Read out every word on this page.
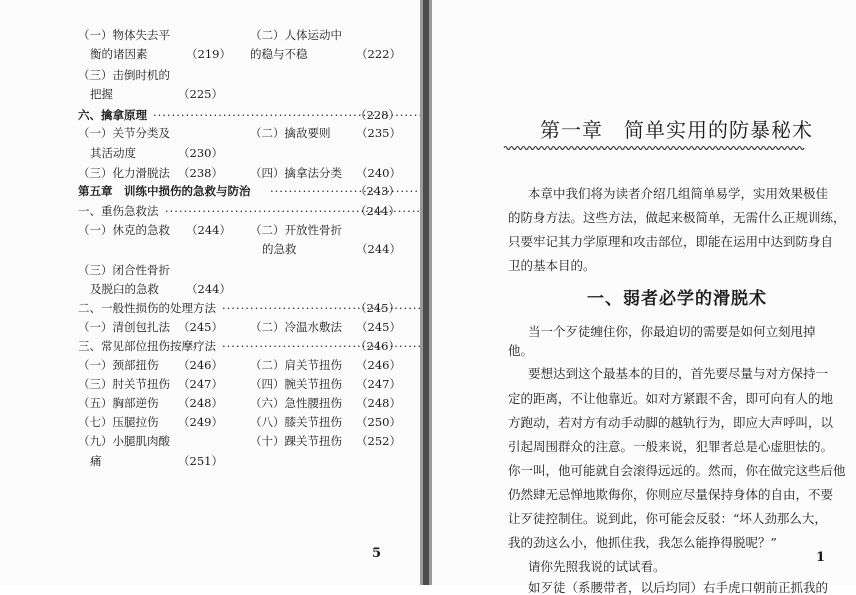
（一）物体失去平	（二）人体运动中
衡的诸因素	（219） 的稳与不稳	（222）
（三）击倒时机的
把握	（225）
六、擒拿原理 ·····	（228）
（一）关节分类及	（二）擒敌要则 （235）
其活动度	（230）
（三）化力滑脱法 （238） （四）擒拿法分类 （240）
第五章　训练中损伤的急救与防治 ·····	（243）
一、重伤急救法 ·····	（244）
（一）休克的急救 （244） （二）开放性骨折
的急救	（244）
（三）闭合性骨折
及脱臼的急救 （244）
二、一般性损伤的处理方法 ·····	（245）
（一）清创包扎法 （245） （二）冷温水敷法 （245）
三、常见部位扭伤按摩疗法 ·····	（246）
（一）颈部扭伤 （246） （二）肩关节扭伤 （246）
（三）肘关节扭伤 （247） （四）腕关节扭伤 （247）
（五）胸部逆伤 （248） （六）急性腰扭伤 （248）
（七）压腿拉伤 （249） （八）膝关节扭伤 （250）
（九）小腿肌肉酸	（十）踝关节扭伤 （252）
痛	（251）
5
第一章　简单实用的防暴秘术
本章中我们将为读者介绍几组简单易学，实用效果极佳
的防身方法。这些方法，做起来极简单，无需什么正规训练，
只要牢记其力学原理和攻击部位，即能在运用中达到防身自
卫的基本目的。
一、弱者必学的滑脱术
当一个歹徒缠住你，你最迫切的需要是如何立刻甩掉
他。
要想达到这个最基本的目的，首先要尽量与对方保持一
定的距离，不让他靠近。如对方紧跟不舍，即可向有人的地
方跑动，若对方有动手动脚的越轨行为，即应大声呼叫，以
引起周围群众的注意。一般来说，犯罪者总是心虚胆怯的。
你一叫，他可能就自会滚得远远的。然而，你在做完这些后他
仍然肆无忌惮地欺侮你，你则应尽量保持身体的自由，不要
让歹徒控制住。说到此，你可能会反驳：“坏人劲那么大，
我的劲这么小，他抓住我，我怎么能挣得脱呢？”
请你先照我说的试试看。
如歹徒（系腰带者，以后均同）右手虎口朝前正抓我的
1
